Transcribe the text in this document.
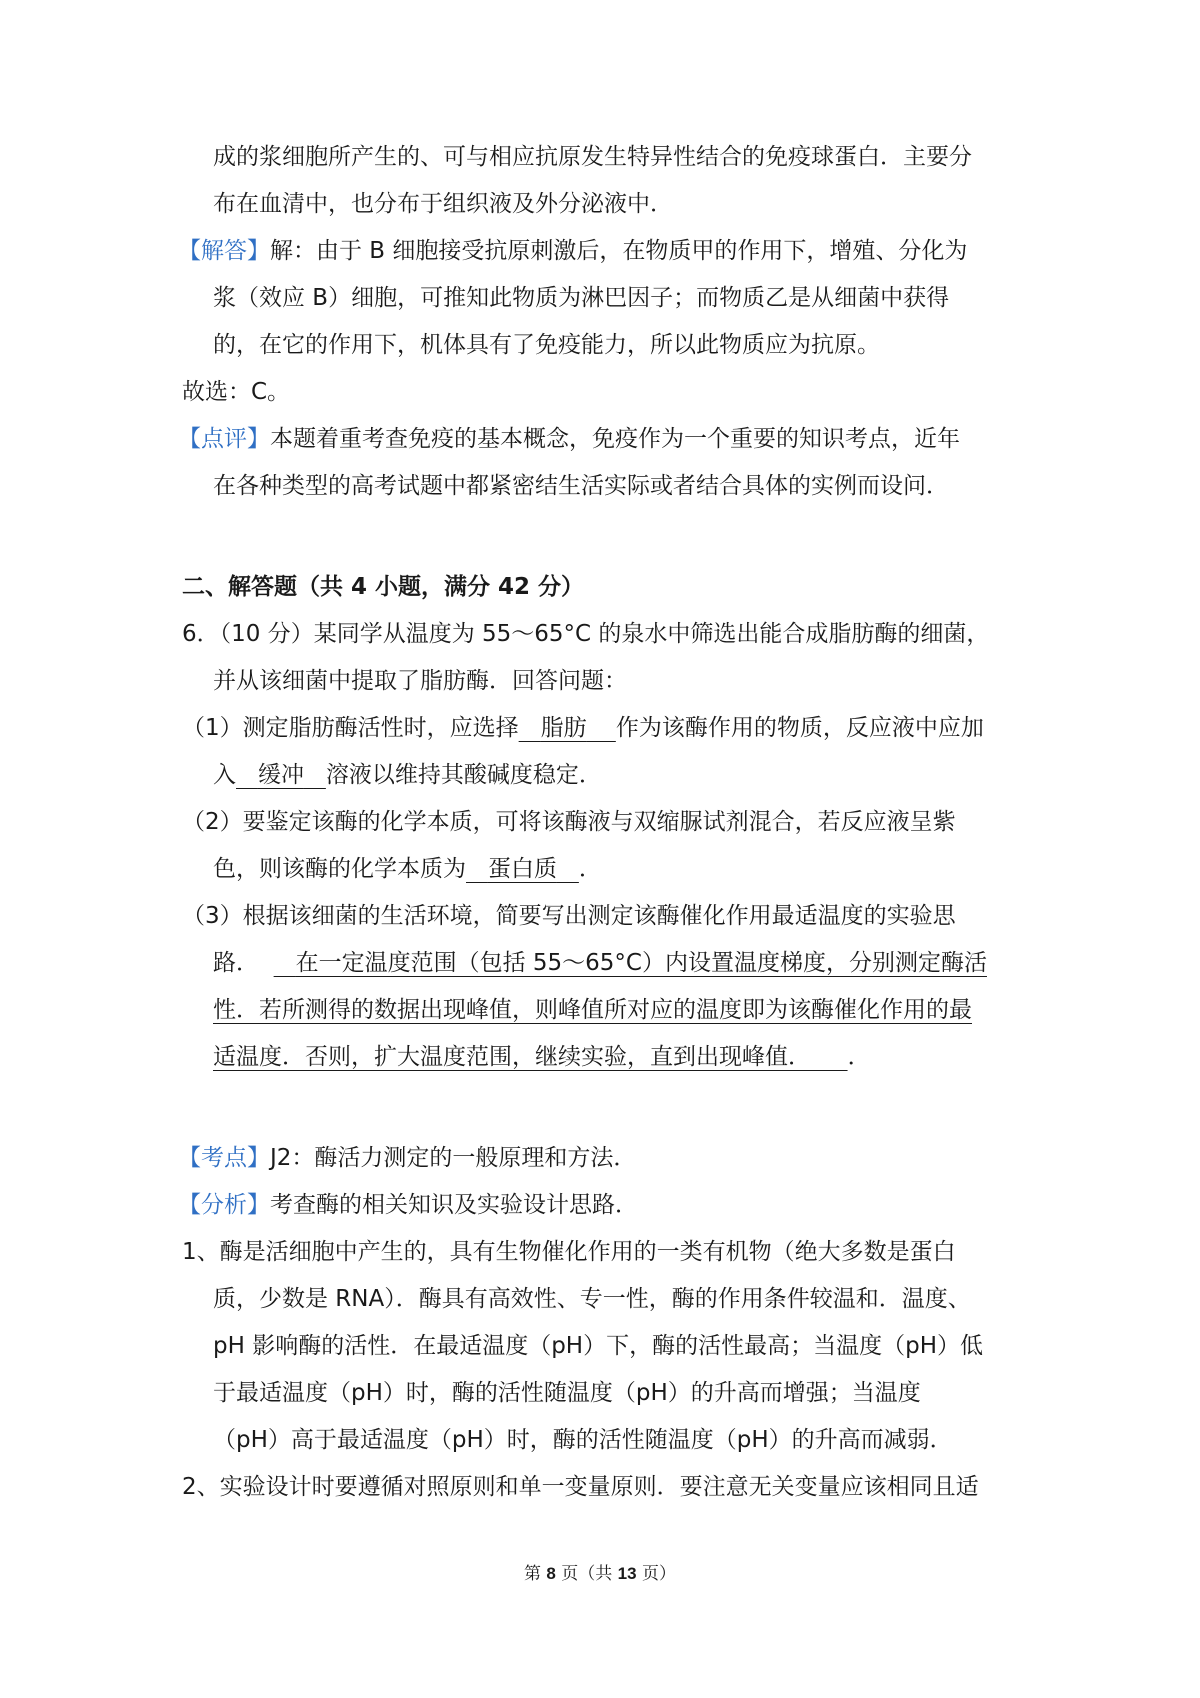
成的浆细胞所产生的、可与相应抗原发生特异性结合的免疫球蛋白．主要分
布在血清中，也分布于组织液及外分泌液中．
【解答】解：由于 B 细胞接受抗原刺激后，在物质甲的作用下，增殖、分化为
浆（效应 B）细胞，可推知此物质为淋巴因子；而物质乙是从细菌中获得
的，在它的作用下，机体具有了免疫能力，所以此物质应为抗原。
故选：C。
【点评】本题着重考查免疫的基本概念，免疫作为一个重要的知识考点，近年
在各种类型的高考试题中都紧密结生活实际或者结合具体的实例而设问．
二、解答题（共 4 小题，满分 42 分）
6．（10 分）某同学从温度为 55～65°C 的泉水中筛选出能合成脂肪酶的细菌，
并从该细菌中提取了脂肪酶．回答问题：
（1）测定脂肪酶活性时，应选择 脂肪 作为该酶作用的物质，反应液中应加
入 缓冲 溶液以维持其酸碱度稳定．
（2）要鉴定该酶的化学本质，可将该酶液与双缩脲试剂混合，若反应液呈紫
色，则该酶的化学本质为 蛋白质 ．
（3）根据该细菌的生活环境，简要写出测定该酶催化作用最适温度的实验思
路． 在一定温度范围（包括 55～65°C）内设置温度梯度，分别测定酶活
性．若所测得的数据出现峰值，则峰值所对应的温度即为该酶催化作用的最
适温度．否则，扩大温度范围，继续实验，直到出现峰值． ．
【考点】J2：酶活力测定的一般原理和方法．
【分析】考查酶的相关知识及实验设计思路．
1、酶是活细胞中产生的，具有生物催化作用的一类有机物（绝大多数是蛋白
质，少数是 RNA）．酶具有高效性、专一性，酶的作用条件较温和．温度、
pH 影响酶的活性．在最适温度（pH）下，酶的活性最高；当温度（pH）低
于最适温度（pH）时，酶的活性随温度（pH）的升高而增强；当温度
（pH）高于最适温度（pH）时，酶的活性随温度（pH）的升高而减弱．
2、实验设计时要遵循对照原则和单一变量原则．要注意无关变量应该相同且适
第 8 页（共 13 页）
